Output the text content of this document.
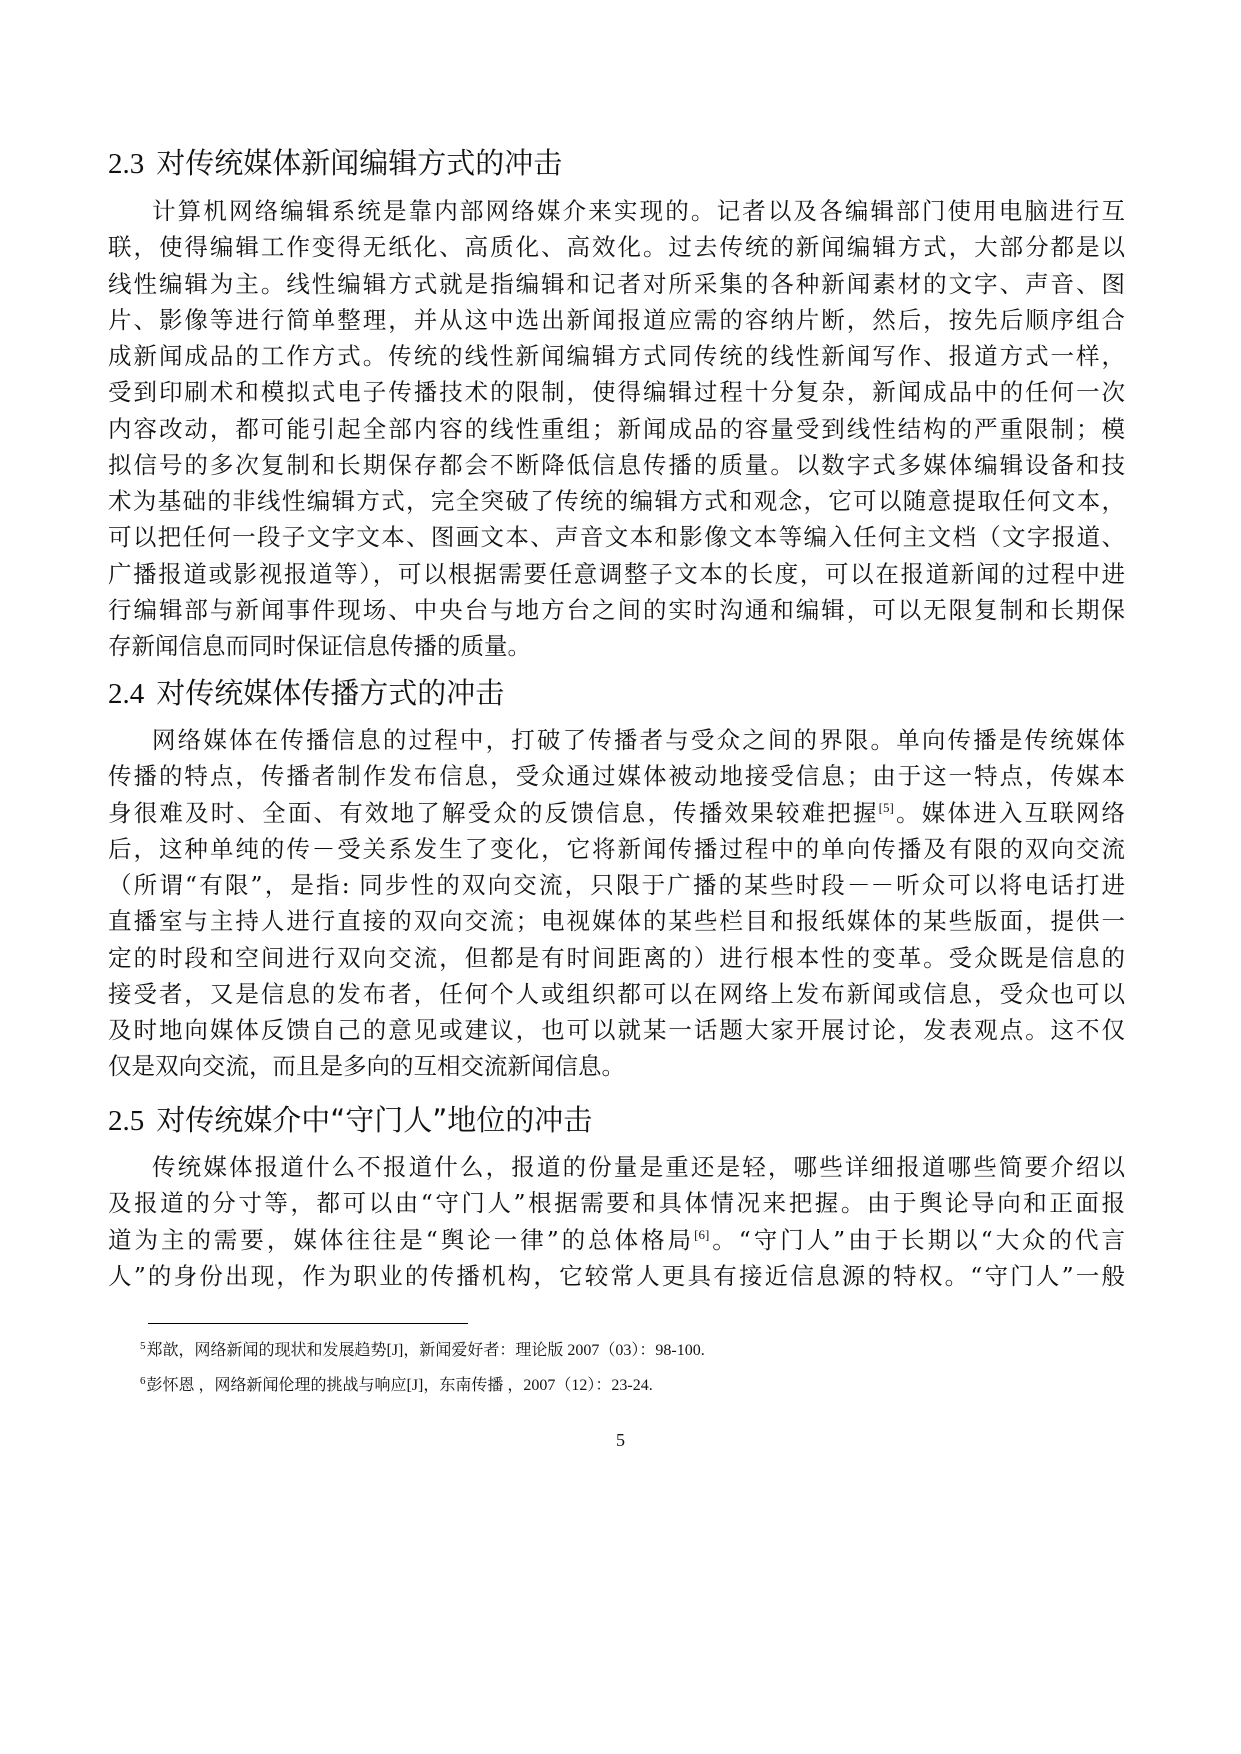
2.3 对传统媒体新闻编辑方式的冲击
计算机网络编辑系统是靠内部网络媒介来实现的。记者以及各编辑部门使用电脑进行互
联，使得编辑工作变得无纸化、高质化、高效化。过去传统的新闻编辑方式，大部分都是以
线性编辑为主。线性编辑方式就是指编辑和记者对所采集的各种新闻素材的文字、声音、图
片、影像等进行简单整理，并从这中选出新闻报道应需的容纳片断，然后，按先后顺序组合
成新闻成品的工作方式。传统的线性新闻编辑方式同传统的线性新闻写作、报道方式一样，
受到印刷术和模拟式电子传播技术的限制，使得编辑过程十分复杂，新闻成品中的任何一次
内容改动，都可能引起全部内容的线性重组；新闻成品的容量受到线性结构的严重限制；模
拟信号的多次复制和长期保存都会不断降低信息传播的质量。以数字式多媒体编辑设备和技
术为基础的非线性编辑方式，完全突破了传统的编辑方式和观念，它可以随意提取任何文本，
可以把任何一段子文字文本、图画文本、声音文本和影像文本等编入任何主文档（文字报道、
广播报道或影视报道等），可以根据需要任意调整子文本的长度，可以在报道新闻的过程中进
行编辑部与新闻事件现场、中央台与地方台之间的实时沟通和编辑，可以无限复制和长期保
存新闻信息而同时保证信息传播的质量。
2.4 对传统媒体传播方式的冲击
网络媒体在传播信息的过程中，打破了传播者与受众之间的界限。单向传播是传统媒体
传播的特点，传播者制作发布信息，受众通过媒体被动地接受信息；由于这一特点，传媒本
身很难及时、全面、有效地了解受众的反馈信息，传播效果较难把握[5]。媒体进入互联网络
后，这种单纯的传－受关系发生了变化，它将新闻传播过程中的单向传播及有限的双向交流
（所谓“有限”，是指: 同步性的双向交流，只限于广播的某些时段－－听众可以将电话打进
直播室与主持人进行直接的双向交流；电视媒体的某些栏目和报纸媒体的某些版面，提供一
定的时段和空间进行双向交流，但都是有时间距离的）进行根本性的变革。受众既是信息的
接受者，又是信息的发布者，任何个人或组织都可以在网络上发布新闻或信息，受众也可以
及时地向媒体反馈自己的意见或建议，也可以就某一话题大家开展讨论，发表观点。这不仅
仅是双向交流，而且是多向的互相交流新闻信息。
2.5 对传统媒介中“守门人”地位的冲击
传统媒体报道什么不报道什么，报道的份量是重还是轻，哪些详细报道哪些简要介绍以
及报道的分寸等，都可以由“守门人”根据需要和具体情况来把握。由于舆论导向和正面报
道为主的需要，媒体往往是“舆论一律”的总体格局[6]。“守门人”由于长期以“大众的代言
人”的身份出现，作为职业的传播机构，它较常人更具有接近信息源的特权。“守门人”一般
$^5$郑歆，网络新闻的现状和发展趋势[J]，新闻爱好者：理论版 2007（03）：98-100.
$^6$彭怀恩 ，网络新闻伦理的挑战与响应[J]，东南传播 ，2007（12）：23-24.
5
